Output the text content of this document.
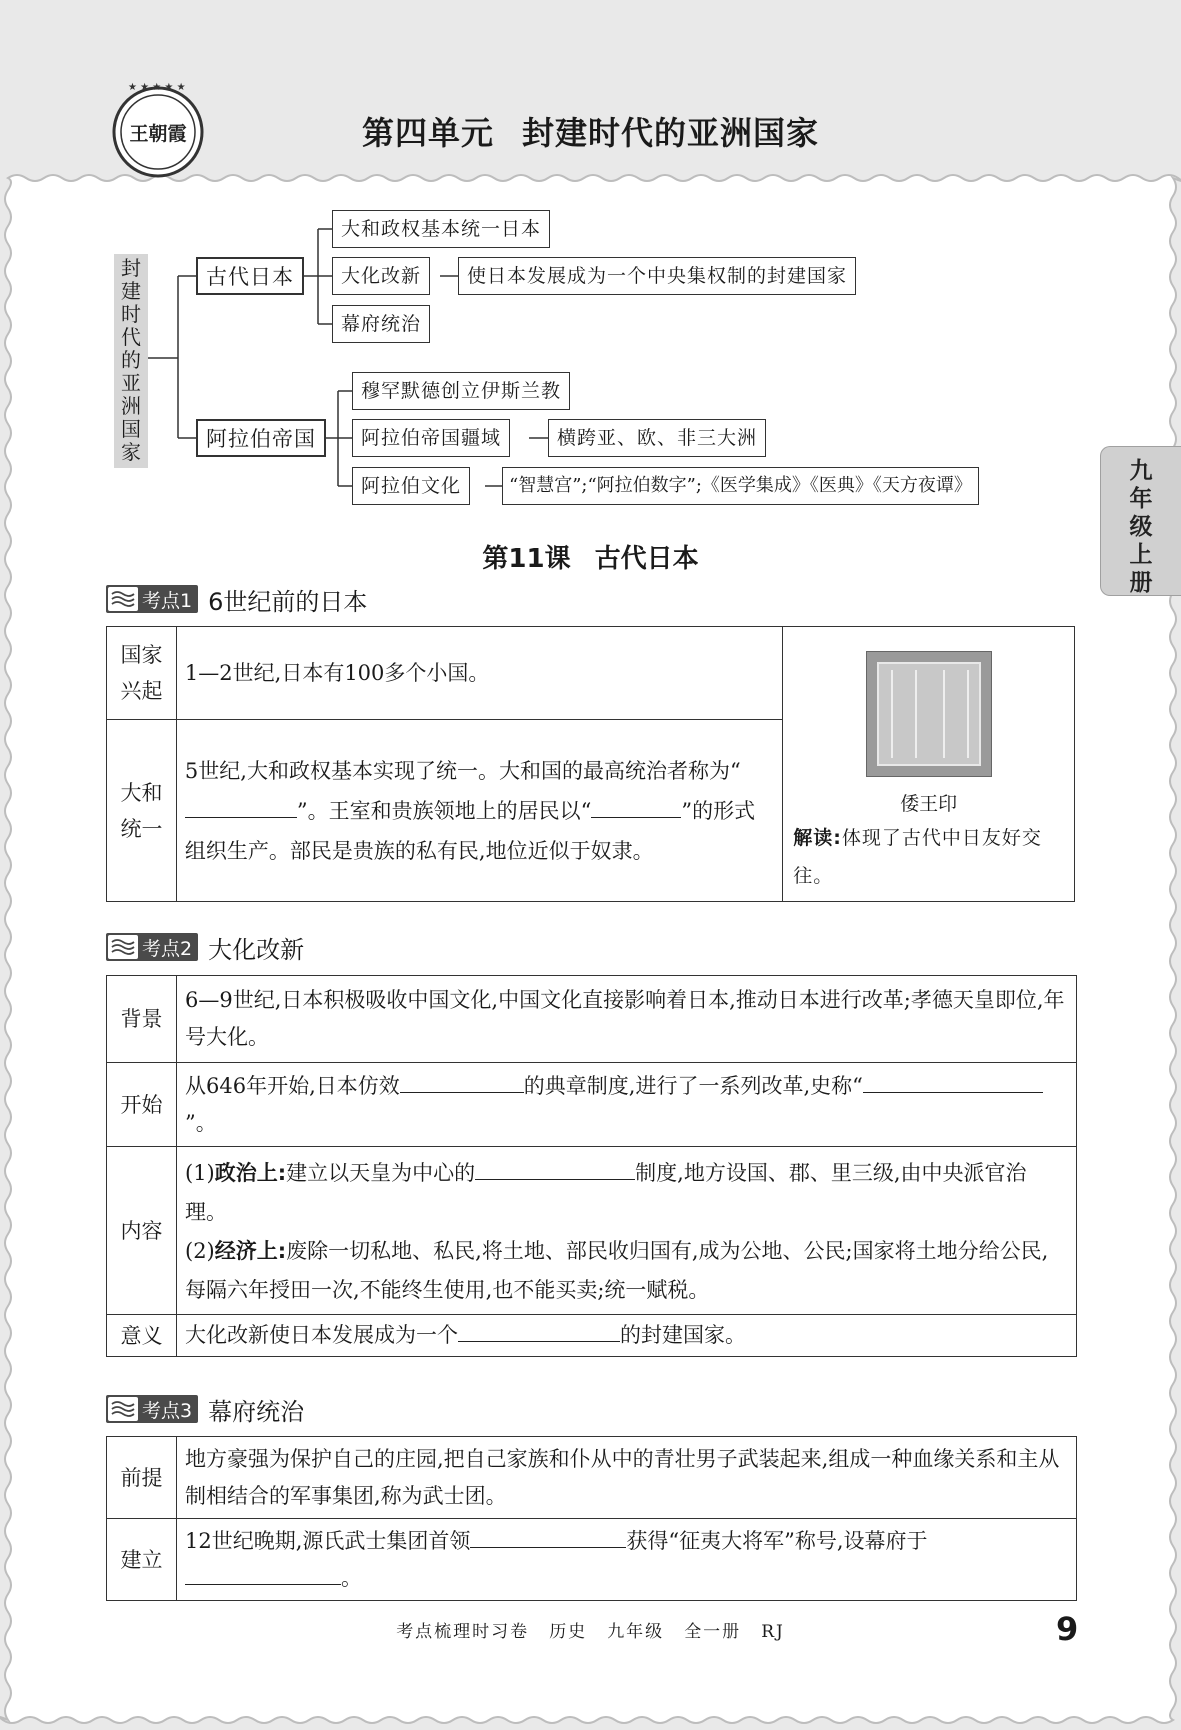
★ ★ ★ ★ ★
王朝霞	第四单元 封建时代的亚洲国家
九年级上册
封建时代的亚洲国家
古代日本
大和政权基本统一日本
大化改新	使日本发展成为一个中央集权制的封建国家
幕府统治
阿拉伯帝国
穆罕默德创立伊斯兰教
阿拉伯帝国疆域	横跨亚、欧、非三大洲
阿拉伯文化	“智慧宫”;“阿拉伯数字”;《医学集成》《医典》《天方夜谭》
第11课 古代日本
考点1 6世纪前的日本
国家兴起	1—2世纪,日本有100多个小国。	倭王印
解读:体现了古代中日友好交往。

大和统一	5世纪,大和政权基本实现了统一。大和国的最高统治者称为“”。王室和贵族领地上的居民以“ ”的形式组织生产。部民是贵族的私有民,地位近似于奴隶。	
考点2 大化改新
背景	6—9世纪,日本积极吸收中国文化,中国文化直接影响着日本,推动日本进行改革;孝德天皇即位,年号大化。
开始	从646年开始,日本仿效 的典章制度,进行了一系列改革,史称“”。
内容	(1)政治上:建立以天皇为中心的 制度,地方设国、郡、里三级,由中央派官治理。
(2)经济上:废除一切私地、私民,将土地、部民收归国有,成为公地、公民;国家将土地分给公民,每隔六年授田一次,不能终生使用,也不能买卖;统一赋税。

意义	大化改新使日本发展成为一个 的封建国家。
考点3 幕府统治
前提	地方豪强为保护自己的庄园,把自己家族和仆从中的青壮男子武装起来,组成一种血缘关系和主从制相结合的军事集团,称为武士团。
建立	12世纪晚期,源氏武士集团首领 获得“征夷大将军”称号,设幕府于
。
考点梳理时习卷 历史 九年级 全一册 RJ	9
